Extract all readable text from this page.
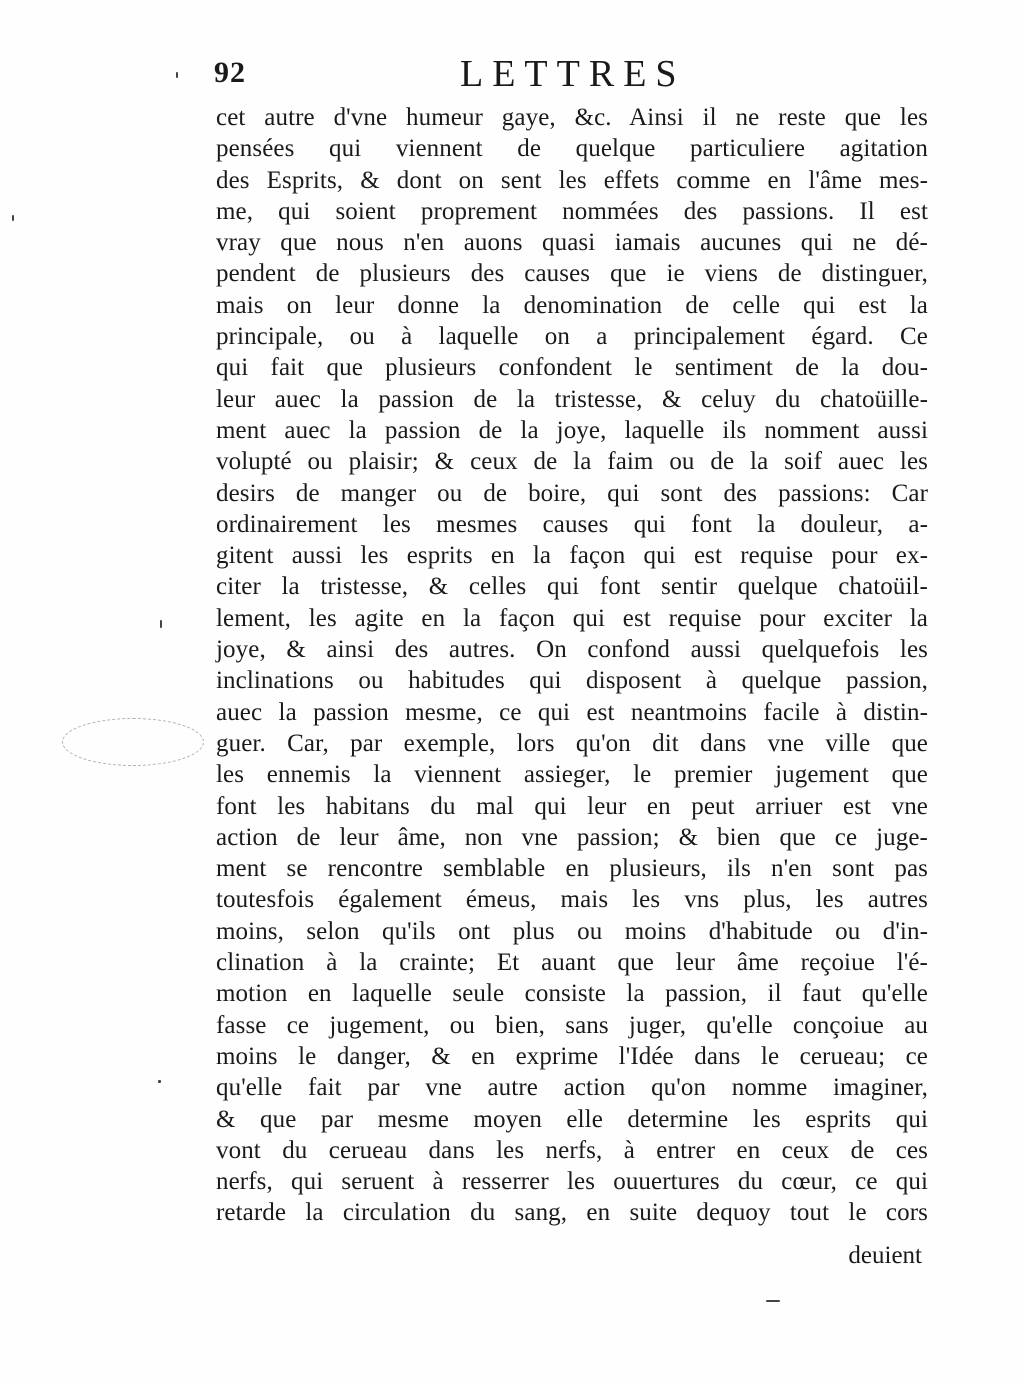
92	LETTRES
cet autre d'vne humeur gaye, &c. Ainsi il ne reste que les
pensées qui viennent de quelque particuliere agitation
des Esprits, & dont on sent les effets comme en l'âme mes-
me, qui soient proprement nommées des passions. Il est
vray que nous n'en auons quasi iamais aucunes qui ne dé-
pendent de plusieurs des causes que ie viens de distinguer,
mais on leur donne la denomination de celle qui est la
principale, ou à laquelle on a principalement égard. Ce
qui fait que plusieurs confondent le sentiment de la dou-
leur auec la passion de la tristesse, & celuy du chatoüille-
ment auec la passion de la joye, laquelle ils nomment aussi
volupté ou plaisir; & ceux de la faim ou de la soif auec les
desirs de manger ou de boire, qui sont des passions: Car
ordinairement les mesmes causes qui font la douleur, a-
gitent aussi les esprits en la façon qui est requise pour ex-
citer la tristesse, & celles qui font sentir quelque chatoüil-
lement, les agite en la façon qui est requise pour exciter la
joye, & ainsi des autres. On confond aussi quelquefois les
inclinations ou habitudes qui disposent à quelque passion,
auec la passion mesme, ce qui est neantmoins facile à distin-
guer. Car, par exemple, lors qu'on dit dans vne ville que
les ennemis la viennent assieger, le premier jugement que
font les habitans du mal qui leur en peut arriuer est vne
action de leur âme, non vne passion; & bien que ce juge-
ment se rencontre semblable en plusieurs, ils n'en sont pas
toutesfois également émeus, mais les vns plus, les autres
moins, selon qu'ils ont plus ou moins d'habitude ou d'in-
clination à la crainte; Et auant que leur âme reçoiue l'é-
motion en laquelle seule consiste la passion, il faut qu'elle
fasse ce jugement, ou bien, sans juger, qu'elle conçoiue au
moins le danger, & en exprime l'Idée dans le cerueau; ce
qu'elle fait par vne autre action qu'on nomme imaginer,
& que par mesme moyen elle determine les esprits qui
vont du cerueau dans les nerfs, à entrer en ceux de ces
nerfs, qui seruent à resserrer les ouuertures du cœur, ce qui
retarde la circulation du sang, en suite dequoy tout le cors
deuient
